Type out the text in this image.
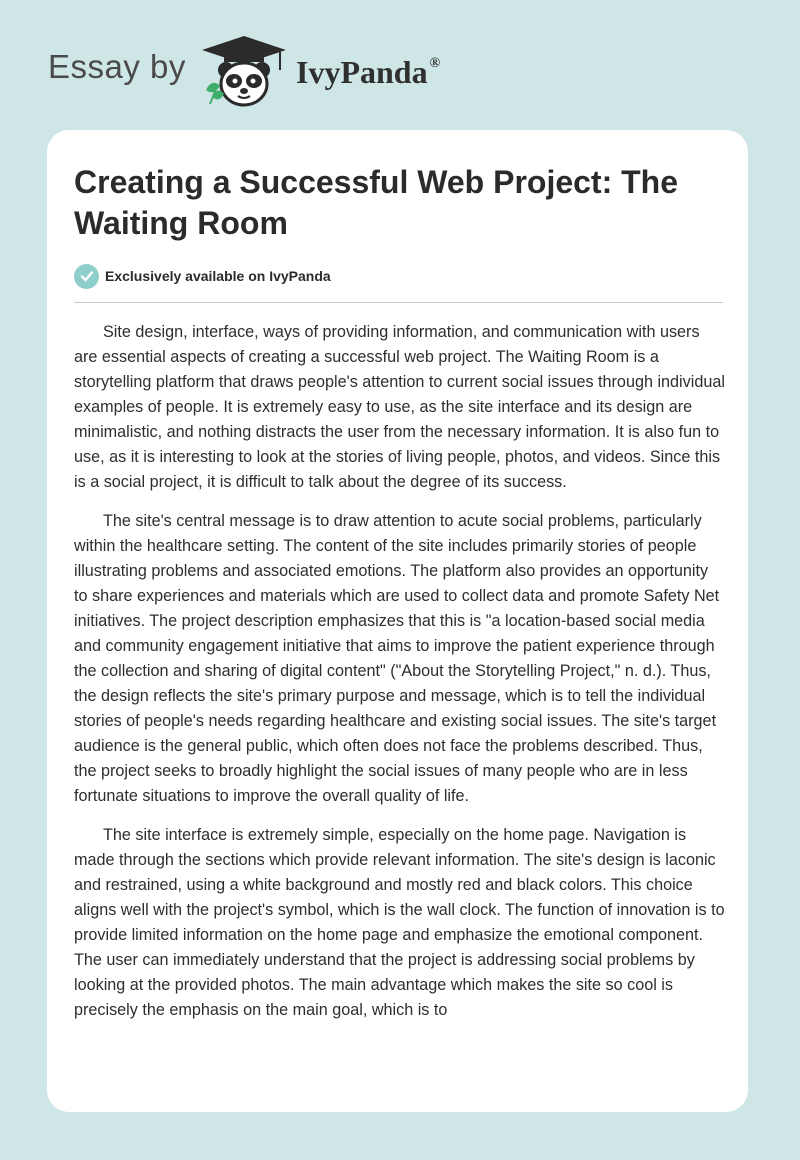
Essay by	IvyPanda ®
Creating a Successful Web Project: The Waiting Room
Exclusively available on IvyPanda

Site design, interface, ways of providing information, and communication with users are essential aspects of creating a successful web project. The Waiting Room is a storytelling platform that draws people's attention to current social issues through individual examples of people. It is extremely easy to use, as the site interface and its design are minimalistic, and nothing distracts the user from the necessary information. It is also fun to use, as it is interesting to look at the stories of living people, photos, and videos. Since this is a social project, it is difficult to talk about the degree of its success.

The site's central message is to draw attention to acute social problems, particularly within the healthcare setting. The content of the site includes primarily stories of people illustrating problems and associated emotions. The platform also provides an opportunity to share experiences and materials which are used to collect data and promote Safety Net initiatives. The project description emphasizes that this is "a location-based social media and community engagement initiative that aims to improve the patient experience through the collection and sharing of digital content" ("About the Storytelling Project," n. d.). Thus, the design reflects the site's primary purpose and message, which is to tell the individual stories of people's needs regarding healthcare and existing social issues. The site's target audience is the general public, which often does not face the problems described. Thus, the project seeks to broadly highlight the social issues of many people who are in less fortunate situations to improve the overall quality of life.

The site interface is extremely simple, especially on the home page. Navigation is made through the sections which provide relevant information. The site's design is laconic and restrained, using a white background and mostly red and black colors. This choice aligns well with the project's symbol, which is the wall clock. The function of innovation is to provide limited information on the home page and emphasize the emotional component. The user can immediately understand that the project is addressing social problems by looking at the provided photos. The main advantage which makes the site so cool is precisely the emphasis on the main goal, which is to
